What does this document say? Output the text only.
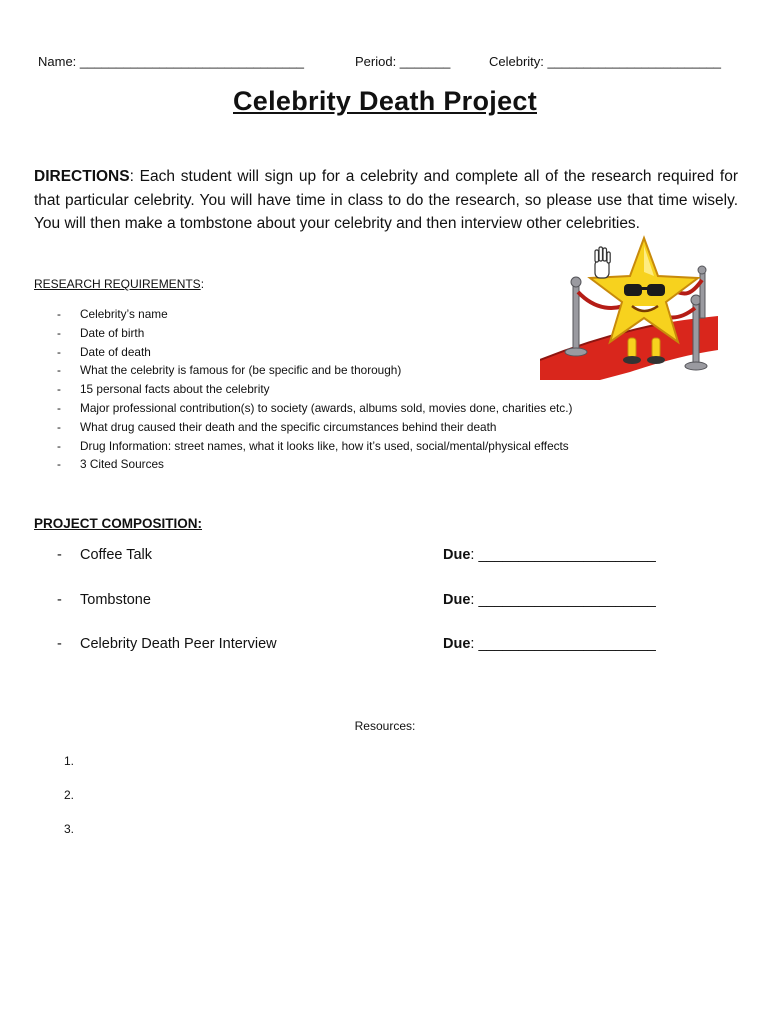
Name: _______________________________	Period: _______	Celebrity: ________________________
Celebrity Death Project
DIRECTIONS: Each student will sign up for a celebrity and complete all of the research required for that particular celebrity. You will have time in class to do the research, so please use that time wisely. You will then make a tombstone about your celebrity and then interview other celebrities.
RESEARCH REQUIREMENTS:
- Celebrity’s name
- Date of birth
- Date of death
- What the celebrity is famous for (be specific and be thorough)
- 15 personal facts about the celebrity
- Major professional contribution(s) to society (awards, albums sold, movies done, charities etc.)
- What drug caused their death and the specific circumstances behind their death
- Drug Information: street names, what it looks like, how it’s used, social/mental/physical effects
- 3 Cited Sources
PROJECT COMPOSITION:
- Coffee Talk	Due: ______________________
- Tombstone	Due: ______________________
- Celebrity Death Peer Interview	Due: ______________________
Resources:
1.
2.
3.
